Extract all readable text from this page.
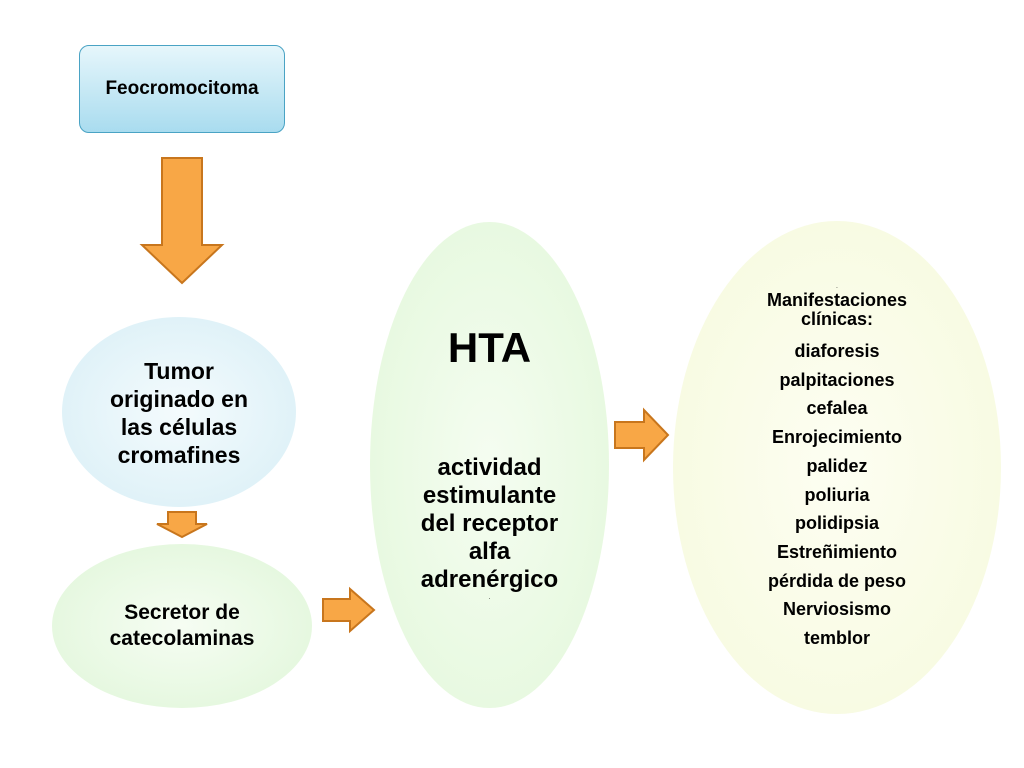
Feocromocitoma
Tumor originado en las células cromafines
Secretor de catecolaminas
HTA
actividad estimulante del receptor alfa adrenérgico
.
.
Manifestaciones clínicas:
diaforesis
palpitaciones
cefalea
Enrojecimiento
palidez
poliuria
polidipsia
Estreñimiento
pérdida de peso
Nerviosismo
temblor
